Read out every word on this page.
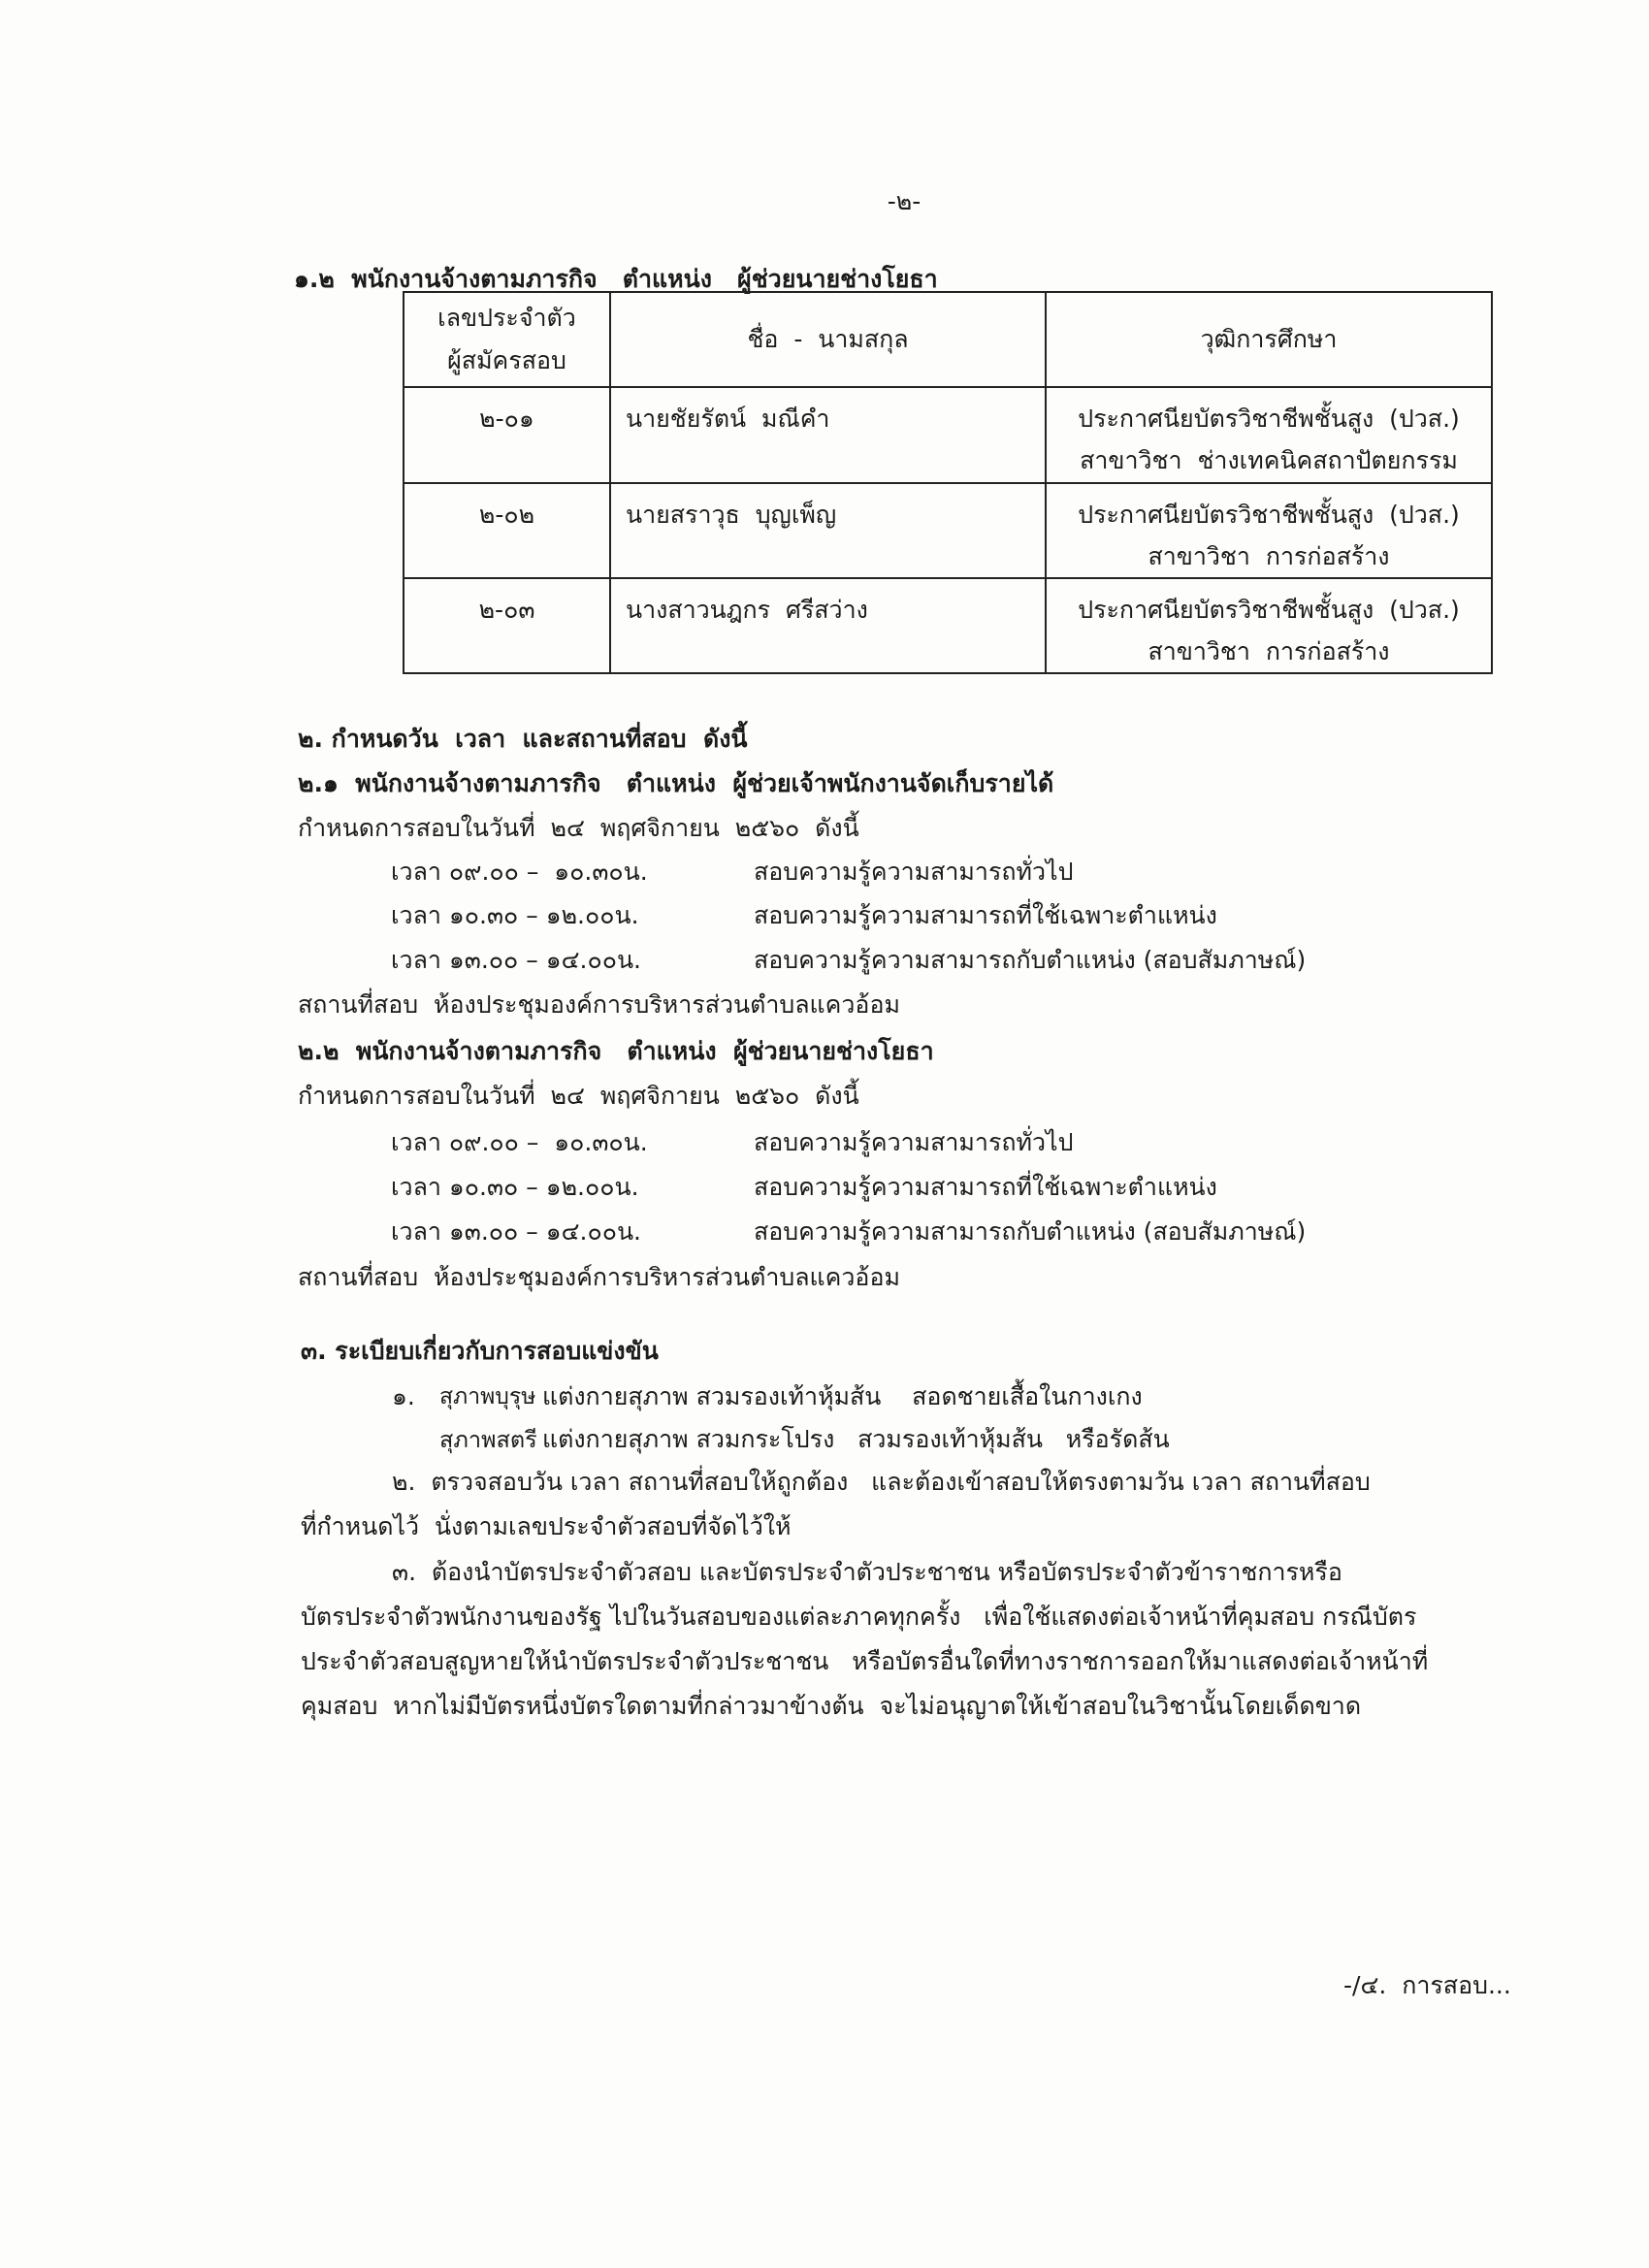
-๒-
๑.๒  พนักงานจ้างตามภารกิจ   ตำแหน่ง   ผู้ช่วยนายช่างโยธา
เลขประจำตัว
ผู้สมัครสอบ	ชื่อ  -  นามสกุล	วุฒิการศึกษา

๒-๐๑	นายชัยรัตน์  มณีคำ	ประกาศนียบัตรวิชาชีพชั้นสูง  (ปวส.)
สาขาวิชา  ช่างเทคนิคสถาปัตยกรรม

๒-๐๒	นายสราวุธ  บุญเพ็ญ	ประกาศนียบัตรวิชาชีพชั้นสูง  (ปวส.)
สาขาวิชา  การก่อสร้าง

๒-๐๓	นางสาวนฎกร  ศรีสว่าง	ประกาศนียบัตรวิชาชีพชั้นสูง  (ปวส.)
สาขาวิชา  การก่อสร้าง
๒. กำหนดวัน  เวลา  และสถานที่สอบ  ดังนี้
๒.๑  พนักงานจ้างตามภารกิจ   ตำแหน่ง  ผู้ช่วยเจ้าพนักงานจัดเก็บรายได้
กำหนดการสอบในวันที่  ๒๔  พฤศจิกายน  ๒๕๖๐  ดังนี้
เวลา ๐๙.๐๐ –  ๑๐.๓๐น.	สอบความรู้ความสามารถทั่วไป
เวลา ๑๐.๓๐ – ๑๒.๐๐น.	สอบความรู้ความสามารถที่ใช้เฉพาะตำแหน่ง
เวลา ๑๓.๐๐ – ๑๔.๐๐น.	สอบความรู้ความสามารถกับตำแหน่ง (สอบสัมภาษณ์)
สถานที่สอบ  ห้องประชุมองค์การบริหารส่วนตำบลแควอ้อม
๒.๒  พนักงานจ้างตามภารกิจ   ตำแหน่ง  ผู้ช่วยนายช่างโยธา
กำหนดการสอบในวันที่  ๒๔  พฤศจิกายน  ๒๕๖๐  ดังนี้
เวลา ๐๙.๐๐ –  ๑๐.๓๐น.	สอบความรู้ความสามารถทั่วไป
เวลา ๑๐.๓๐ – ๑๒.๐๐น.	สอบความรู้ความสามารถที่ใช้เฉพาะตำแหน่ง
เวลา ๑๓.๐๐ – ๑๔.๐๐น.	สอบความรู้ความสามารถกับตำแหน่ง (สอบสัมภาษณ์)
สถานที่สอบ  ห้องประชุมองค์การบริหารส่วนตำบลแควอ้อม
๓. ระเบียบเกี่ยวกับการสอบแข่งขัน
๑. สุภาพบุรุษ แต่งกายสุภาพ สวมรองเท้าหุ้มส้น    สอดชายเสื้อในกางเกง
สุภาพสตรี แต่งกายสุภาพ สวมกระโปรง   สวมรองเท้าหุ้มส้น   หรือรัดส้น
๒.  ตรวจสอบวัน เวลา สถานที่สอบให้ถูกต้อง   และต้องเข้าสอบให้ตรงตามวัน เวลา สถานที่สอบ
ที่กำหนดไว้  นั่งตามเลขประจำตัวสอบที่จัดไว้ให้
๓.  ต้องนำบัตรประจำตัวสอบ และบัตรประจำตัวประชาชน หรือบัตรประจำตัวข้าราชการหรือ
บัตรประจำตัวพนักงานของรัฐ ไปในวันสอบของแต่ละภาคทุกครั้ง   เพื่อใช้แสดงต่อเจ้าหน้าที่คุมสอบ กรณีบัตร
ประจำตัวสอบสูญหายให้นำบัตรประจำตัวประชาชน   หรือบัตรอื่นใดที่ทางราชการออกให้มาแสดงต่อเจ้าหน้าที่
คุมสอบ  หากไม่มีบัตรหนึ่งบัตรใดตามที่กล่าวมาข้างต้น  จะไม่อนุญาตให้เข้าสอบในวิชานั้นโดยเด็ดขาด
-/๔.  การสอบ...
